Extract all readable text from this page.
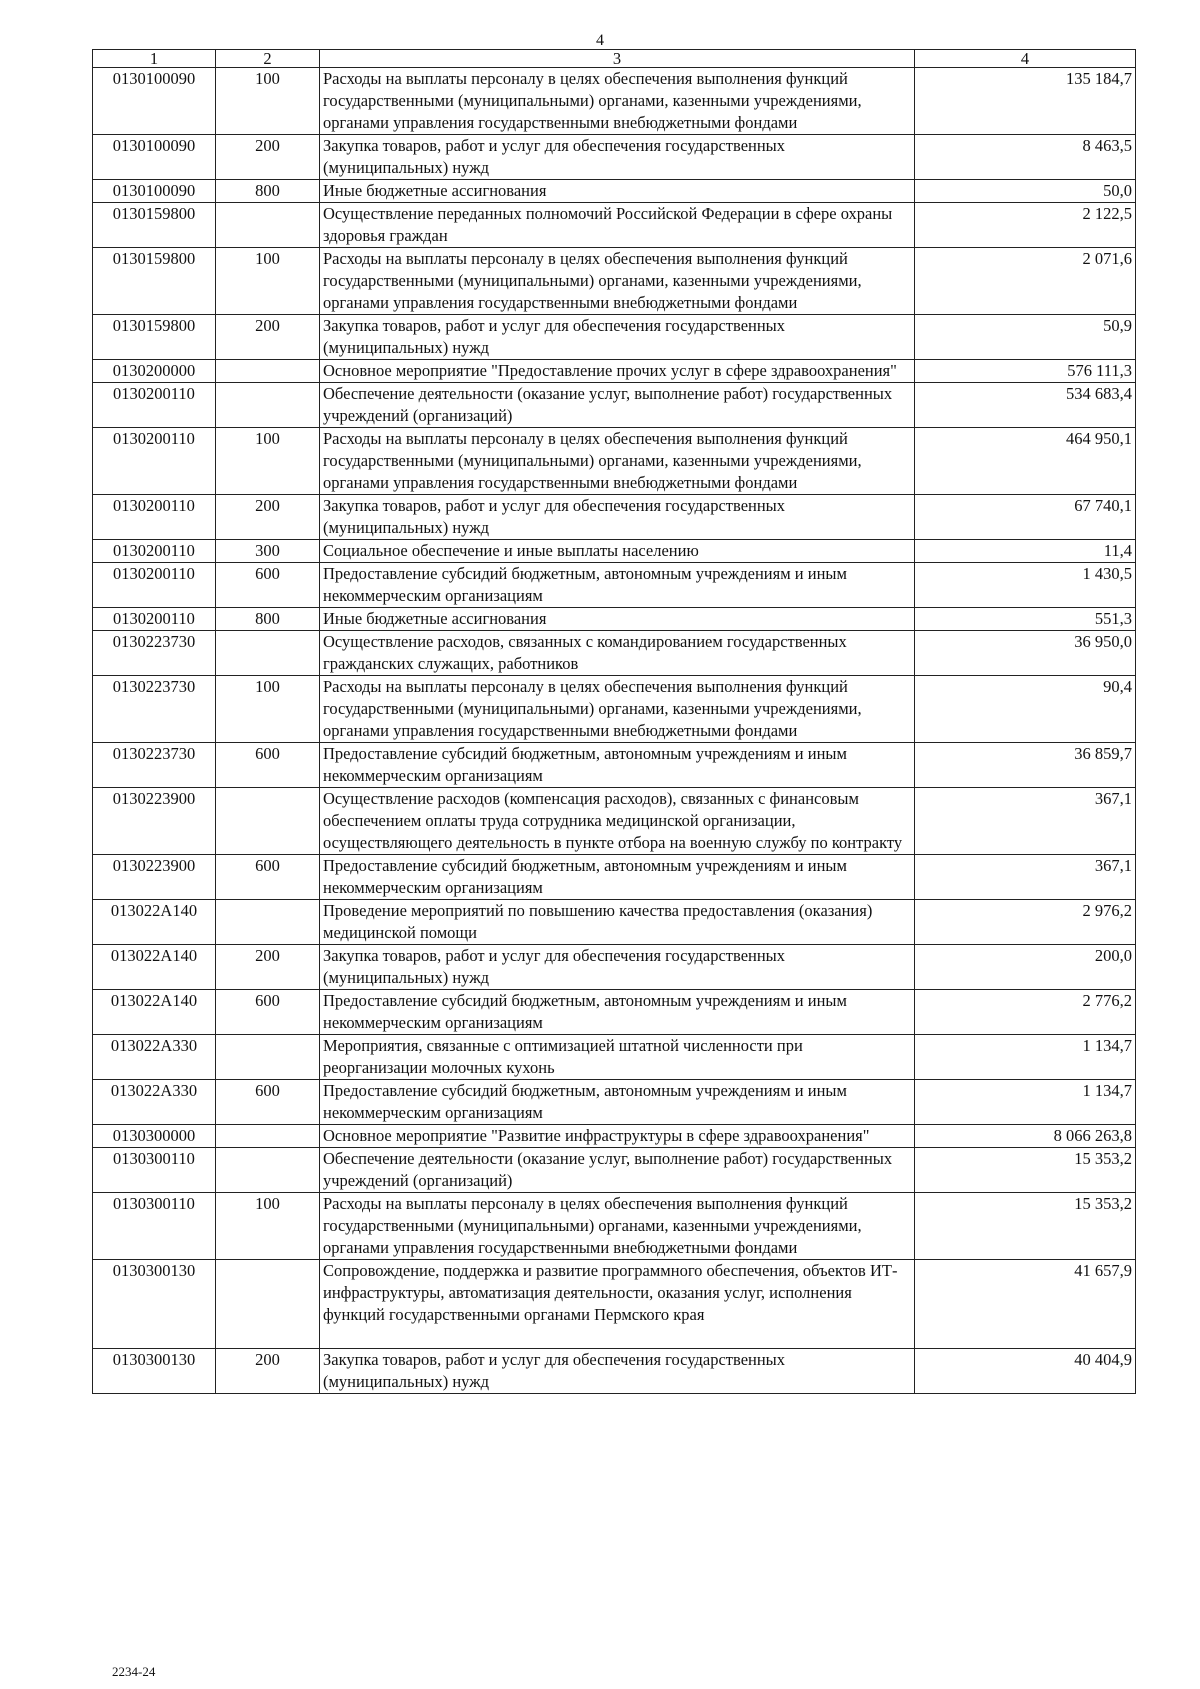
4
1	2	3	4
0130100090	100	Расходы на выплаты персоналу в целях обеспечения выполнения функций государственными (муниципальными) органами, казенными учреждениями, органами управления государственными внебюджетными фондами	135 184,7
0130100090	200	Закупка товаров, работ и услуг для обеспечения государственных (муниципальных) нужд	8 463,5
0130100090	800	Иные бюджетные ассигнования	50,0
0130159800		Осуществление переданных полномочий Российской Федерации в сфере охраны здоровья граждан	2 122,5
0130159800	100	Расходы на выплаты персоналу в целях обеспечения выполнения функций государственными (муниципальными) органами, казенными учреждениями, органами управления государственными внебюджетными фондами	2 071,6
0130159800	200	Закупка товаров, работ и услуг для обеспечения государственных (муниципальных) нужд	50,9
0130200000		Основное мероприятие "Предоставление прочих услуг в сфере здравоохранения"	576 111,3
0130200110		Обеспечение деятельности (оказание услуг, выполнение работ) государственных учреждений (организаций)	534 683,4
0130200110	100	Расходы на выплаты персоналу в целях обеспечения выполнения функций государственными (муниципальными) органами, казенными учреждениями, органами управления государственными внебюджетными фондами	464 950,1
0130200110	200	Закупка товаров, работ и услуг для обеспечения государственных (муниципальных) нужд	67 740,1
0130200110	300	Социальное обеспечение и иные выплаты населению	11,4
0130200110	600	Предоставление субсидий бюджетным, автономным учреждениям и иным некоммерческим организациям	1 430,5
0130200110	800	Иные бюджетные ассигнования	551,3
0130223730		Осуществление расходов, связанных с командированием государственных гражданских служащих, работников	36 950,0
0130223730	100	Расходы на выплаты персоналу в целях обеспечения выполнения функций государственными (муниципальными) органами, казенными учреждениями, органами управления государственными внебюджетными фондами	90,4
0130223730	600	Предоставление субсидий бюджетным, автономным учреждениям и иным некоммерческим организациям	36 859,7
0130223900		Осуществление расходов (компенсация расходов), связанных с финансовым обеспечением оплаты труда сотрудника медицинской организации, осуществляющего деятельность в пункте отбора на военную службу по контракту	367,1
0130223900	600	Предоставление субсидий бюджетным, автономным учреждениям и иным некоммерческим организациям	367,1
013022A140		Проведение мероприятий по повышению качества предоставления (оказания) медицинской помощи	2 976,2
013022A140	200	Закупка товаров, работ и услуг для обеспечения государственных (муниципальных) нужд	200,0
013022A140	600	Предоставление субсидий бюджетным, автономным учреждениям и иным некоммерческим организациям	2 776,2
013022A330		Мероприятия, связанные с оптимизацией штатной численности при реорганизации молочных кухонь	1 134,7
013022A330	600	Предоставление субсидий бюджетным, автономным учреждениям и иным некоммерческим организациям	1 134,7
0130300000		Основное мероприятие "Развитие инфраструктуры в сфере здравоохранения"	8 066 263,8
0130300110		Обеспечение деятельности (оказание услуг, выполнение работ) государственных учреждений (организаций)	15 353,2
0130300110	100	Расходы на выплаты персоналу в целях обеспечения выполнения функций государственными (муниципальными) органами, казенными учреждениями, органами управления государственными внебюджетными фондами	15 353,2
0130300130		Сопровождение, поддержка и развитие программного обеспечения, объектов ИТ-инфраструктуры, автоматизация деятельности, оказания услуг, исполнения функций государственными органами Пермского края	41 657,9
0130300130	200	Закупка товаров, работ и услуг для обеспечения государственных (муниципальных) нужд	40 404,9
2234-24
